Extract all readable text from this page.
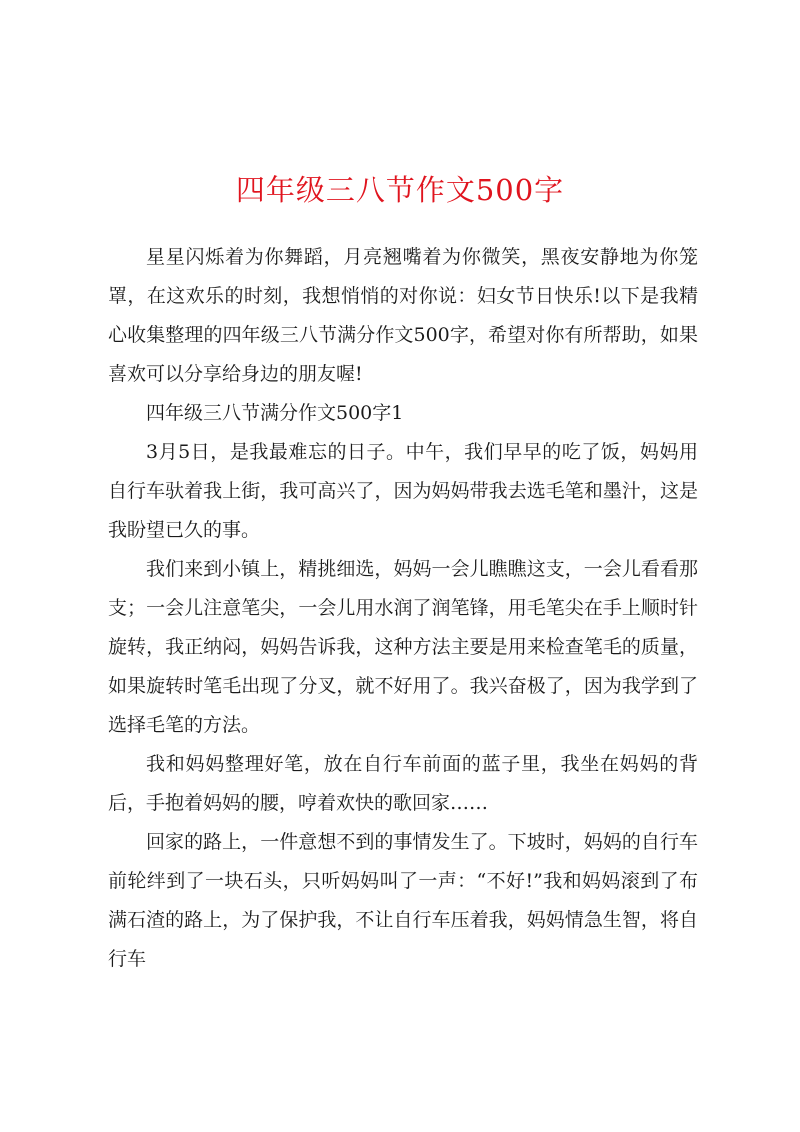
四年级三八节作文500字

星星闪烁着为你舞蹈，月亮翘嘴着为你微笑，黑夜安静地为你笼罩，在这欢乐的时刻，我想悄悄的对你说：妇女节日快乐!以下是我精心收集整理的四年级三八节满分作文500字，希望对你有所帮助，如果喜欢可以分享给身边的朋友喔!

四年级三八节满分作文500字1

3月5日，是我最难忘的日子。中午，我们早早的吃了饭，妈妈用自行车驮着我上街，我可高兴了，因为妈妈带我去选毛笔和墨汁，这是我盼望已久的事。

我们来到小镇上，精挑细选，妈妈一会儿瞧瞧这支，一会儿看看那支；一会儿注意笔尖，一会儿用水润了润笔锋，用毛笔尖在手上顺时针旋转，我正纳闷，妈妈告诉我，这种方法主要是用来检查笔毛的质量，如果旋转时笔毛出现了分叉，就不好用了。我兴奋极了，因为我学到了选择毛笔的方法。

我和妈妈整理好笔，放在自行车前面的蓝子里，我坐在妈妈的背后，手抱着妈妈的腰，哼着欢快的歌回家……

回家的路上，一件意想不到的事情发生了。下坡时，妈妈的自行车前轮绊到了一块石头，只听妈妈叫了一声：“不好!”我和妈妈滚到了布满石渣的路上，为了保护我，不让自行车压着我，妈妈情急生智，将自行车
